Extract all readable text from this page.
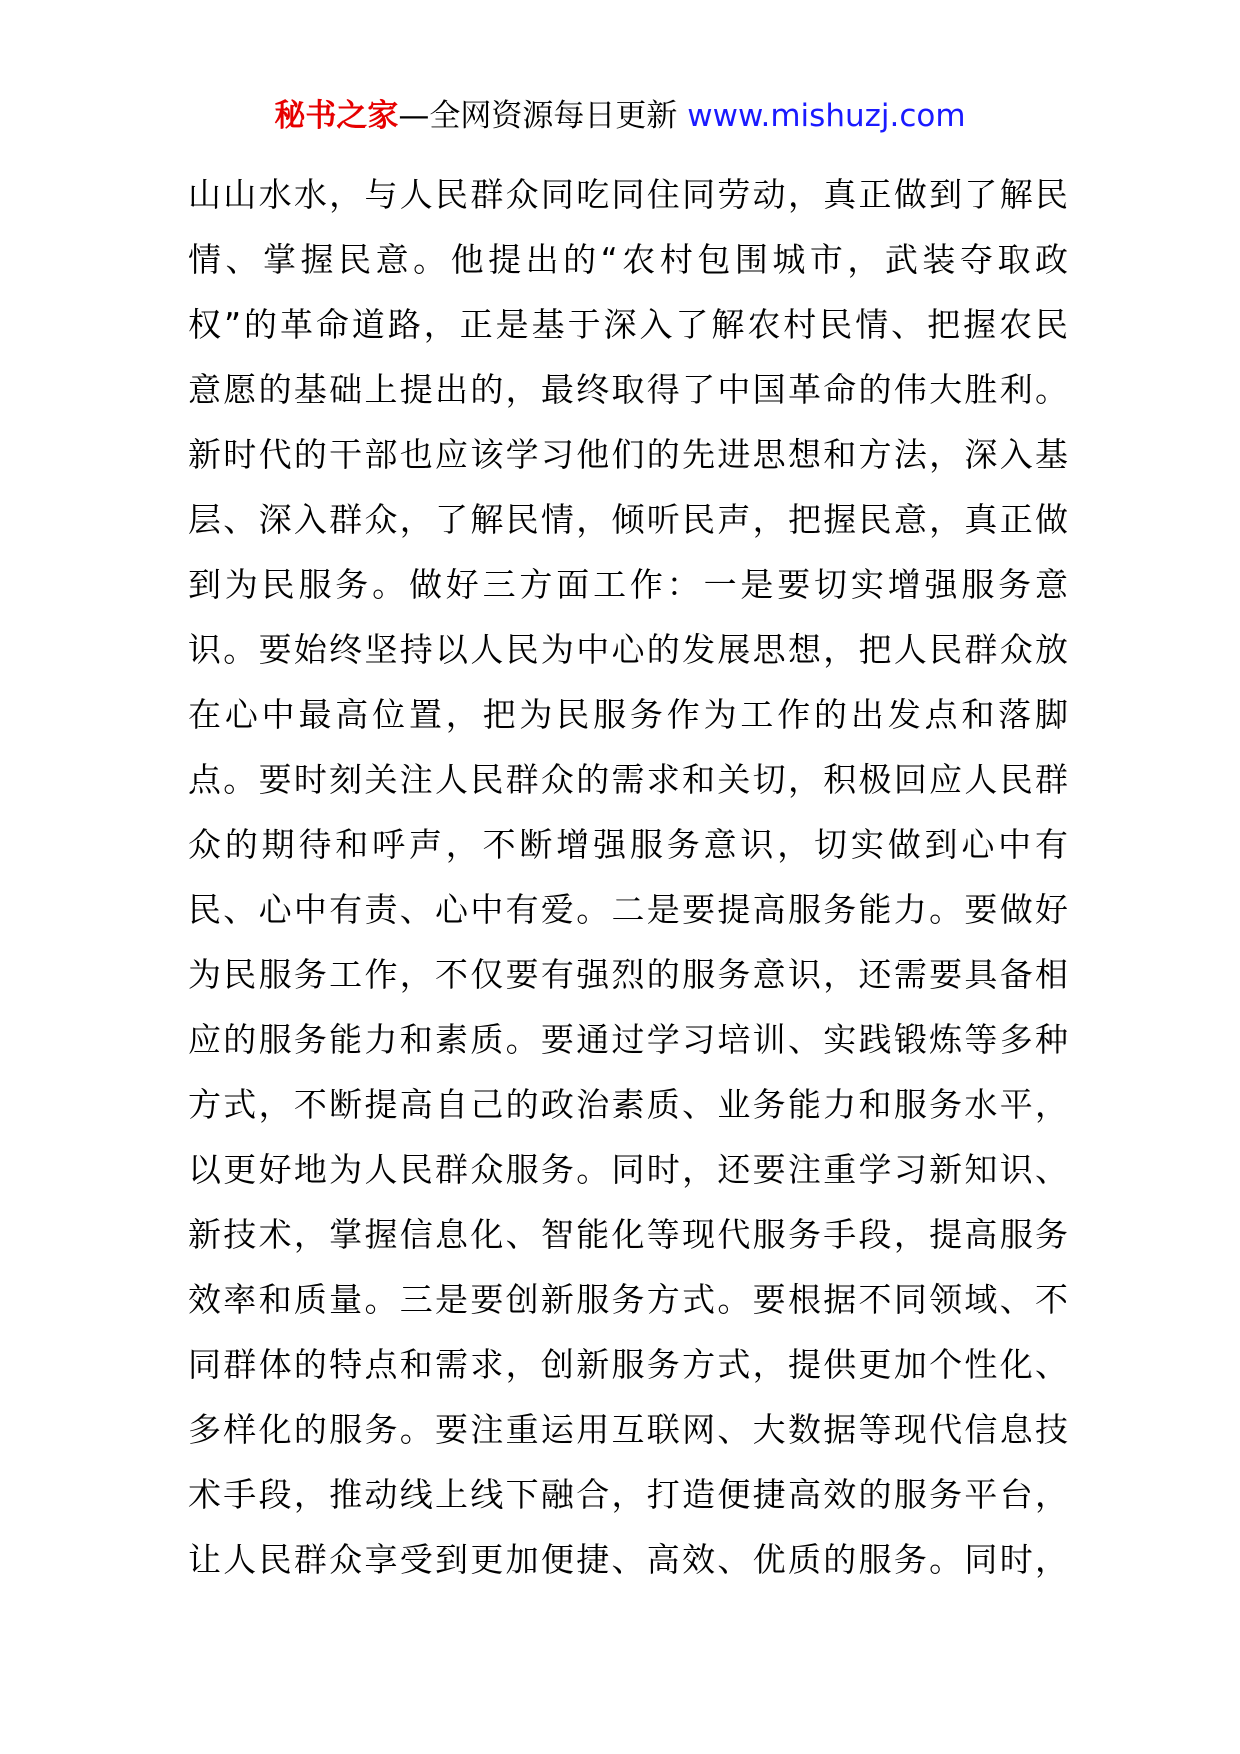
秘书之家—全网资源每日更新 www.mishuzj.com
山山水水，与人民群众同吃同住同劳动，真正做到了解民
情、掌握民意。他提出的“农村包围城市，武装夺取政
权”的革命道路，正是基于深入了解农村民情、把握农民
意愿的基础上提出的，最终取得了中国革命的伟大胜利。
新时代的干部也应该学习他们的先进思想和方法，深入基
层、深入群众，了解民情，倾听民声，把握民意，真正做
到为民服务。做好三方面工作：一是要切实增强服务意
识。要始终坚持以人民为中心的发展思想，把人民群众放
在心中最高位置，把为民服务作为工作的出发点和落脚
点。要时刻关注人民群众的需求和关切，积极回应人民群
众的期待和呼声，不断增强服务意识，切实做到心中有
民、心中有责、心中有爱。二是要提高服务能力。要做好
为民服务工作，不仅要有强烈的服务意识，还需要具备相
应的服务能力和素质。要通过学习培训、实践锻炼等多种
方式，不断提高自己的政治素质、业务能力和服务水平，
以更好地为人民群众服务。同时，还要注重学习新知识、
新技术，掌握信息化、智能化等现代服务手段，提高服务
效率和质量。三是要创新服务方式。要根据不同领域、不
同群体的特点和需求，创新服务方式，提供更加个性化、
多样化的服务。要注重运用互联网、大数据等现代信息技
术手段，推动线上线下融合，打造便捷高效的服务平台，
让人民群众享受到更加便捷、高效、优质的服务。同时，
